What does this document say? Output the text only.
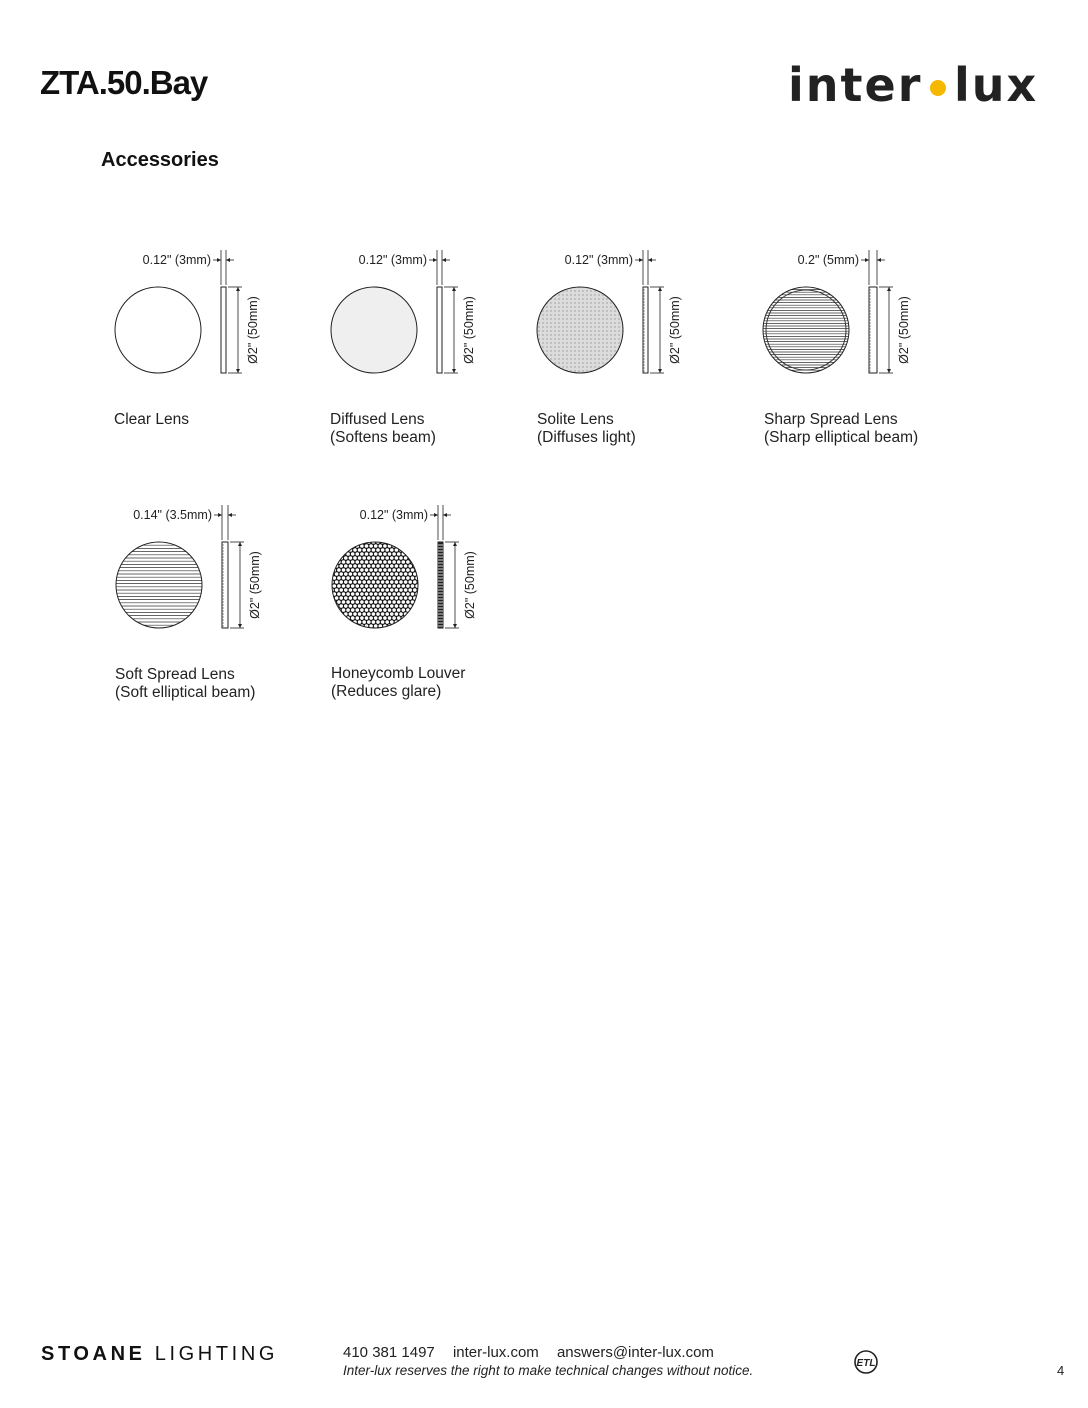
ZTA.50.Bay	inter lux
Accessories
0.12" (3mm)
Ø2" (50mm)
0.12" (3mm)
Ø2" (50mm)
0.12" (3mm)
Ø2" (50mm)
0.2" (5mm)
Ø2" (50mm)
0.14" (3.5mm)
Ø2" (50mm)
0.12" (3mm)
Ø2" (50mm)
Clear Lens	Diffused Lens
(Softens beam)
Solite Lens
(Diffuses light)
Sharp Spread Lens
(Sharp elliptical beam)
Soft Spread Lens
(Soft elliptical beam)
Honeycomb Louver
(Reduces glare)
STOANE LIGHTING	410 381 1497 inter-lux.com answers@inter-lux.com
Inter-lux reserves the right to make technical changes without notice.	ETL	4
